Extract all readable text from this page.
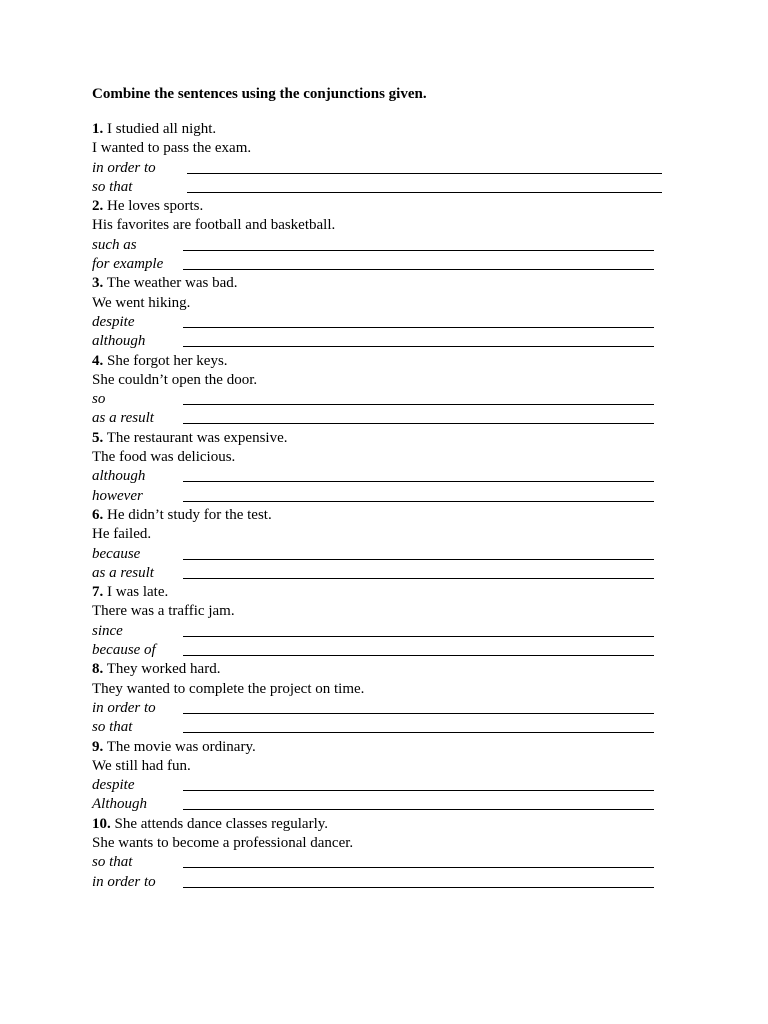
Combine the sentences using the conjunctions given.
1. I studied all night.
I wanted to pass the exam.
in order to
so that
2. He loves sports.
His favorites are football and basketball.
such as
for example
3. The weather was bad.
We went hiking.
despite
although
4. She forgot her keys.
She couldn’t open the door.
so
as a result
5. The restaurant was expensive.
The food was delicious.
although
however
6. He didn’t study for the test.
He failed.
because
as a result
7. I was late.
There was a traffic jam.
since
because of
8. They worked hard.
They wanted to complete the project on time.
in order to
so that
9. The movie was ordinary.
We still had fun.
despite
Although
10. She attends dance classes regularly.
She wants to become a professional dancer.
so that
in order to
